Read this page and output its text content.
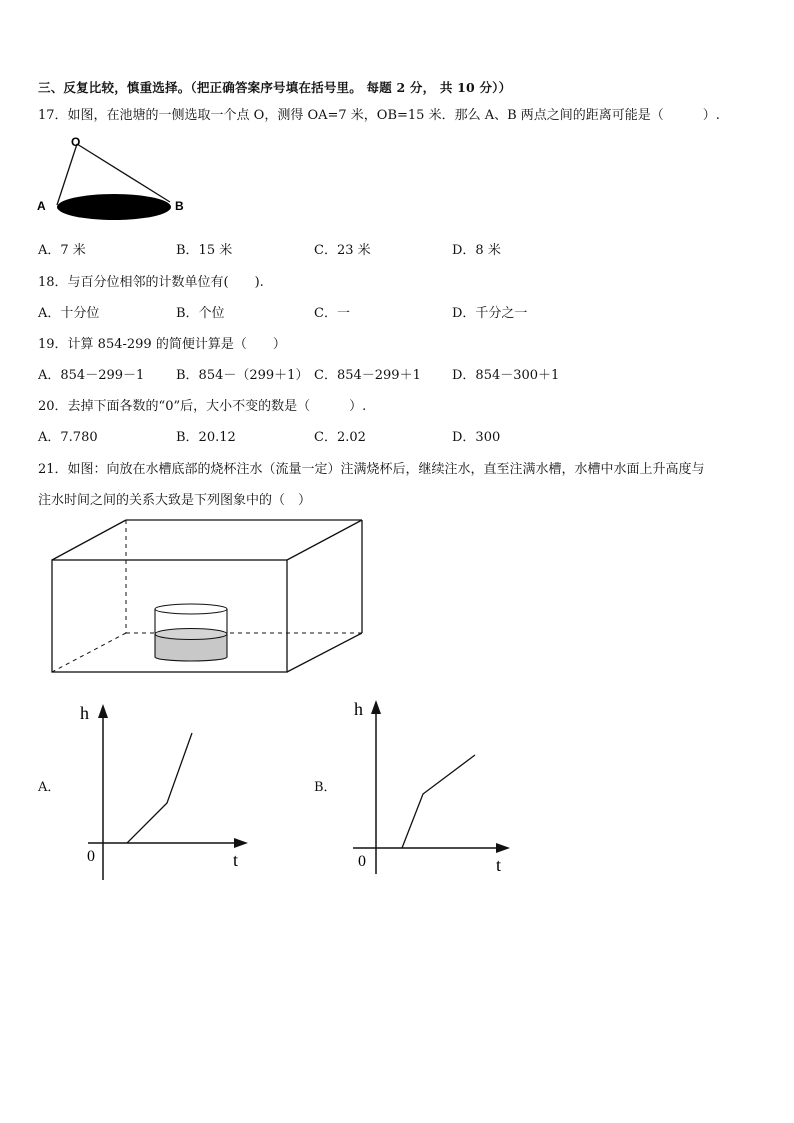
三、反复比较，慎重选择。（把正确答案序号填在括号里。 每题 2 分， 共 10 分））
17．如图，在池塘的一侧选取一个点 O，测得 OA=7 米，OB=15 米．那么 A、B 两点之间的距离可能是（　　　）.
O
A	B
A．7 米	B．15 米	C．23 米	D．8 米
18．与百分位相邻的计数单位有(　　).
A．十分位	B．个位	C．一	D．千分之一
19．计算 854-299 的简便计算是（　　）
A．854－299－1 B．854－（299＋1） C．854－299＋1 D．854－300＋1
20．去掉下面各数的“0”后，大小不变的数是（　　　）.
A．7.780	B．20.12	C．2.02	D．300
21．如图：向放在水槽底部的烧杯注水（流量一定）注满烧杯后，继续注水，直至注满水槽，水槽中水面上升高度与
注水时间之间的关系大致是下列图象中的（　）
A．
h
t
0
B．
h
t
0
